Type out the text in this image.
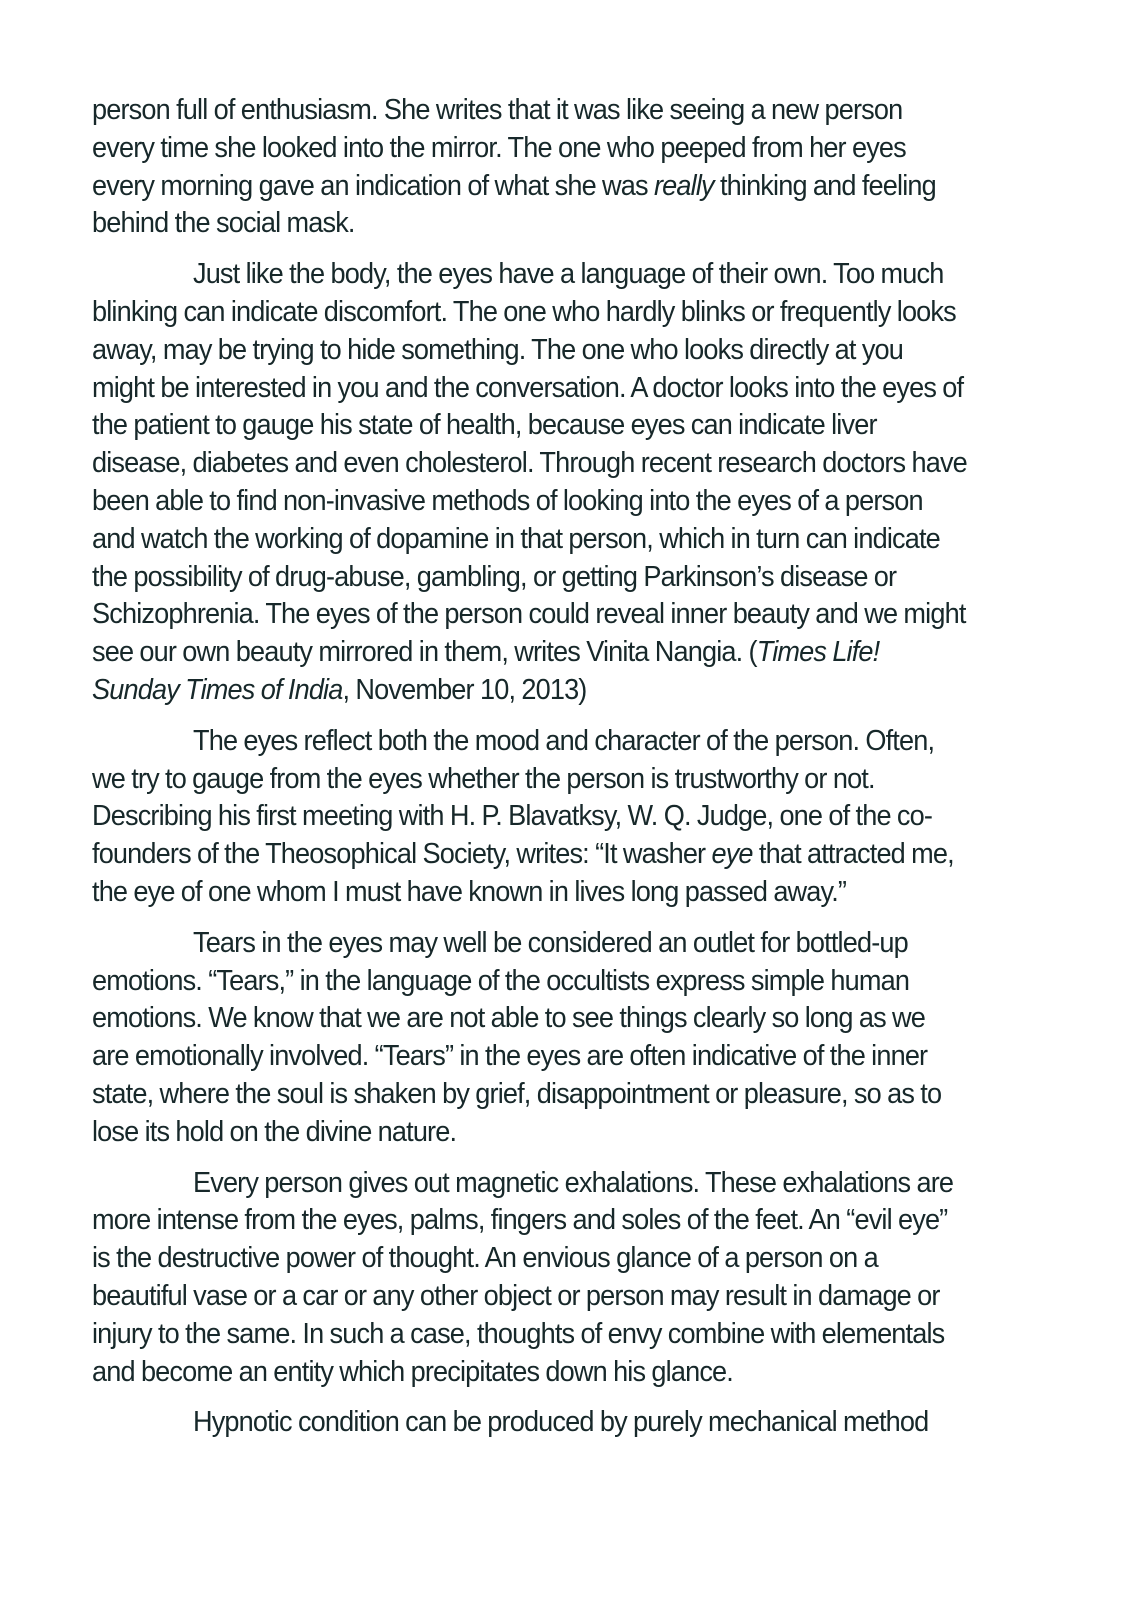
person full of enthusiasm. She writes that it was like seeing a new person
every time she looked into the mirror. The one who peeped from her eyes
every morning gave an indication of what she was really thinking and feeling
behind the social mask.

Just like the body, the eyes have a language of their own. Too much
blinking can indicate discomfort. The one who hardly blinks or frequently looks
away, may be trying to hide something. The one who looks directly at you
might be interested in you and the conversation. A doctor looks into the eyes of
the patient to gauge his state of health, because eyes can indicate liver
disease, diabetes and even cholesterol. Through recent research doctors have
been able to find non-invasive methods of looking into the eyes of a person
and watch the working of dopamine in that person, which in turn can indicate
the possibility of drug-abuse, gambling, or getting Parkinson’s disease or
Schizophrenia. The eyes of the person could reveal inner beauty and we might
see our own beauty mirrored in them, writes Vinita Nangia. (Times Life!
Sunday Times of India, November 10, 2013)

The eyes reflect both the mood and character of the person. Often,
we try to gauge from the eyes whether the person is trustworthy or not.
Describing his first meeting with H. P. Blavatksy, W. Q. Judge, one of the co-
founders of the Theosophical Society, writes: “It washer eye that attracted me,
the eye of one whom I must have known in lives long passed away.”

Tears in the eyes may well be considered an outlet for bottled-up
emotions. “Tears,” in the language of the occultists express simple human
emotions. We know that we are not able to see things clearly so long as we
are emotionally involved. “Tears” in the eyes are often indicative of the inner
state, where the soul is shaken by grief, disappointment or pleasure, so as to
lose its hold on the divine nature.

Every person gives out magnetic exhalations. These exhalations are
more intense from the eyes, palms, fingers and soles of the feet. An “evil eye”
is the destructive power of thought. An envious glance of a person on a
beautiful vase or a car or any other object or person may result in damage or
injury to the same. In such a case, thoughts of envy combine with elementals
and become an entity which precipitates down his glance.

Hypnotic condition can be produced by purely mechanical method
